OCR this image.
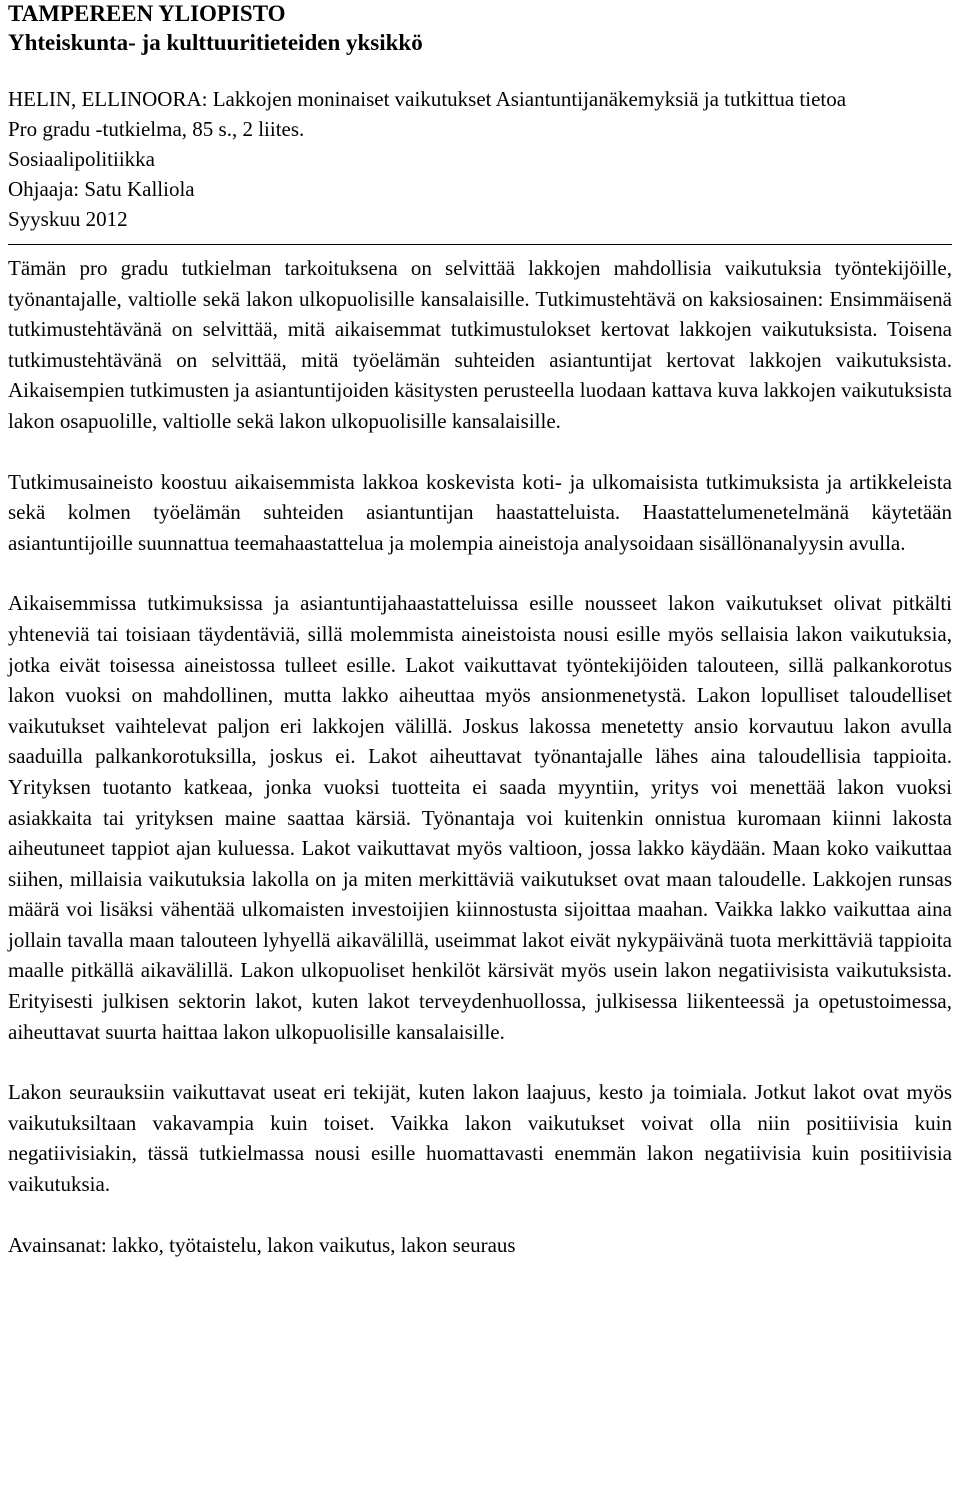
TAMPEREEN YLIOPISTO
Yhteiskunta- ja kulttuuritieteiden yksikkö
HELIN, ELLINOORA: Lakkojen moninaiset vaikutukset Asiantuntijanäkemyksiä ja tutkittua tietoa
Pro gradu -tutkielma, 85 s., 2 liites.
Sosiaalipolitiikka
Ohjaaja: Satu Kalliola
Syyskuu 2012

Tämän pro gradu tutkielman tarkoituksena on selvittää lakkojen mahdollisia vaikutuksia työntekijöille, työnantajalle, valtiolle sekä lakon ulkopuolisille kansalaisille. Tutkimustehtävä on kaksiosainen: Ensimmäisenä tutkimustehtävänä on selvittää, mitä aikaisemmat tutkimustulokset kertovat lakkojen vaikutuksista. Toisena tutkimustehtävänä on selvittää, mitä työelämän suhteiden asiantuntijat kertovat lakkojen vaikutuksista. Aikaisempien tutkimusten ja asiantuntijoiden käsitysten perusteella luodaan kattava kuva lakkojen vaikutuksista lakon osapuolille, valtiolle sekä lakon ulkopuolisille kansalaisille.

Tutkimusaineisto koostuu aikaisemmista lakkoa koskevista koti- ja ulkomaisista tutkimuksista ja artikkeleista sekä kolmen työelämän suhteiden asiantuntijan haastatteluista. Haastattelumenetelmänä käytetään asiantuntijoille suunnattua teemahaastattelua ja molempia aineistoja analysoidaan sisällönanalyysin avulla.

Aikaisemmissa tutkimuksissa ja asiantuntijahaastatteluissa esille nousseet lakon vaikutukset olivat pitkälti yhteneviä tai toisiaan täydentäviä, sillä molemmista aineistoista nousi esille myös sellaisia lakon vaikutuksia, jotka eivät toisessa aineistossa tulleet esille. Lakot vaikuttavat työntekijöiden talouteen, sillä palkankorotus lakon vuoksi on mahdollinen, mutta lakko aiheuttaa myös ansionmenetystä. Lakon lopulliset taloudelliset vaikutukset vaihtelevat paljon eri lakkojen välillä. Joskus lakossa menetetty ansio korvautuu lakon avulla saaduilla palkankorotuksilla, joskus ei. Lakot aiheuttavat työnantajalle lähes aina taloudellisia tappioita. Yrityksen tuotanto katkeaa, jonka vuoksi tuotteita ei saada myyntiin, yritys voi menettää lakon vuoksi asiakkaita tai yrityksen maine saattaa kärsiä. Työnantaja voi kuitenkin onnistua kuromaan kiinni lakosta aiheutuneet tappiot ajan kuluessa. Lakot vaikuttavat myös valtioon, jossa lakko käydään. Maan koko vaikuttaa siihen, millaisia vaikutuksia lakolla on ja miten merkittäviä vaikutukset ovat maan taloudelle. Lakkojen runsas määrä voi lisäksi vähentää ulkomaisten investoijien kiinnostusta sijoittaa maahan. Vaikka lakko vaikuttaa aina jollain tavalla maan talouteen lyhyellä aikavälillä, useimmat lakot eivät nykypäivänä tuota merkittäviä tappioita maalle pitkällä aikavälillä. Lakon ulkopuoliset henkilöt kärsivät myös usein lakon negatiivisista vaikutuksista. Erityisesti julkisen sektorin lakot, kuten lakot terveydenhuollossa, julkisessa liikenteessä ja opetustoimessa, aiheuttavat suurta haittaa lakon ulkopuolisille kansalaisille.

Lakon seurauksiin vaikuttavat useat eri tekijät, kuten lakon laajuus, kesto ja toimiala. Jotkut lakot ovat myös vaikutuksiltaan vakavampia kuin toiset. Vaikka lakon vaikutukset voivat olla niin positiivisia kuin negatiivisiakin, tässä tutkielmassa nousi esille huomattavasti enemmän lakon negatiivisia kuin positiivisia vaikutuksia.

Avainsanat: lakko, työtaistelu, lakon vaikutus, lakon seuraus
